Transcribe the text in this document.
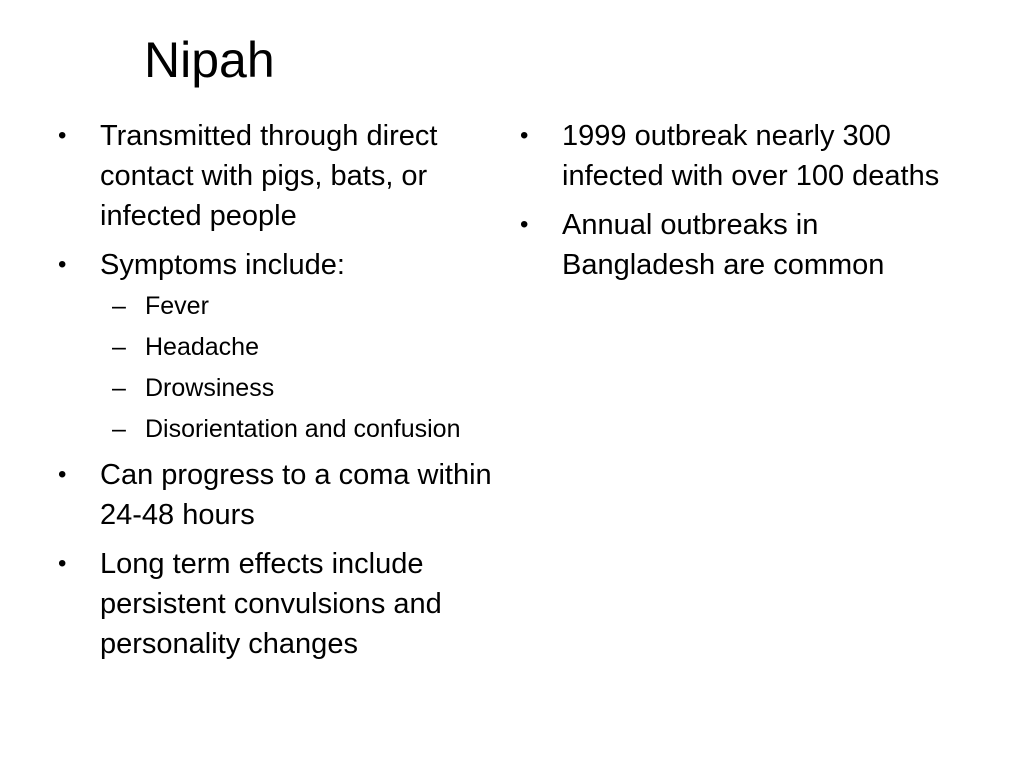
Nipah
•	Transmitted through direct contact with pigs, bats, or infected people
•	Symptoms include:
– Fever
– Headache
– Drowsiness
– Disorientation and confusion
•	Can progress to a coma within 24-48 hours
•	Long term effects include persistent convulsions and personality changes
•	1999 outbreak nearly 300 infected with over 100 deaths
•	Annual outbreaks in Bangladesh are common
